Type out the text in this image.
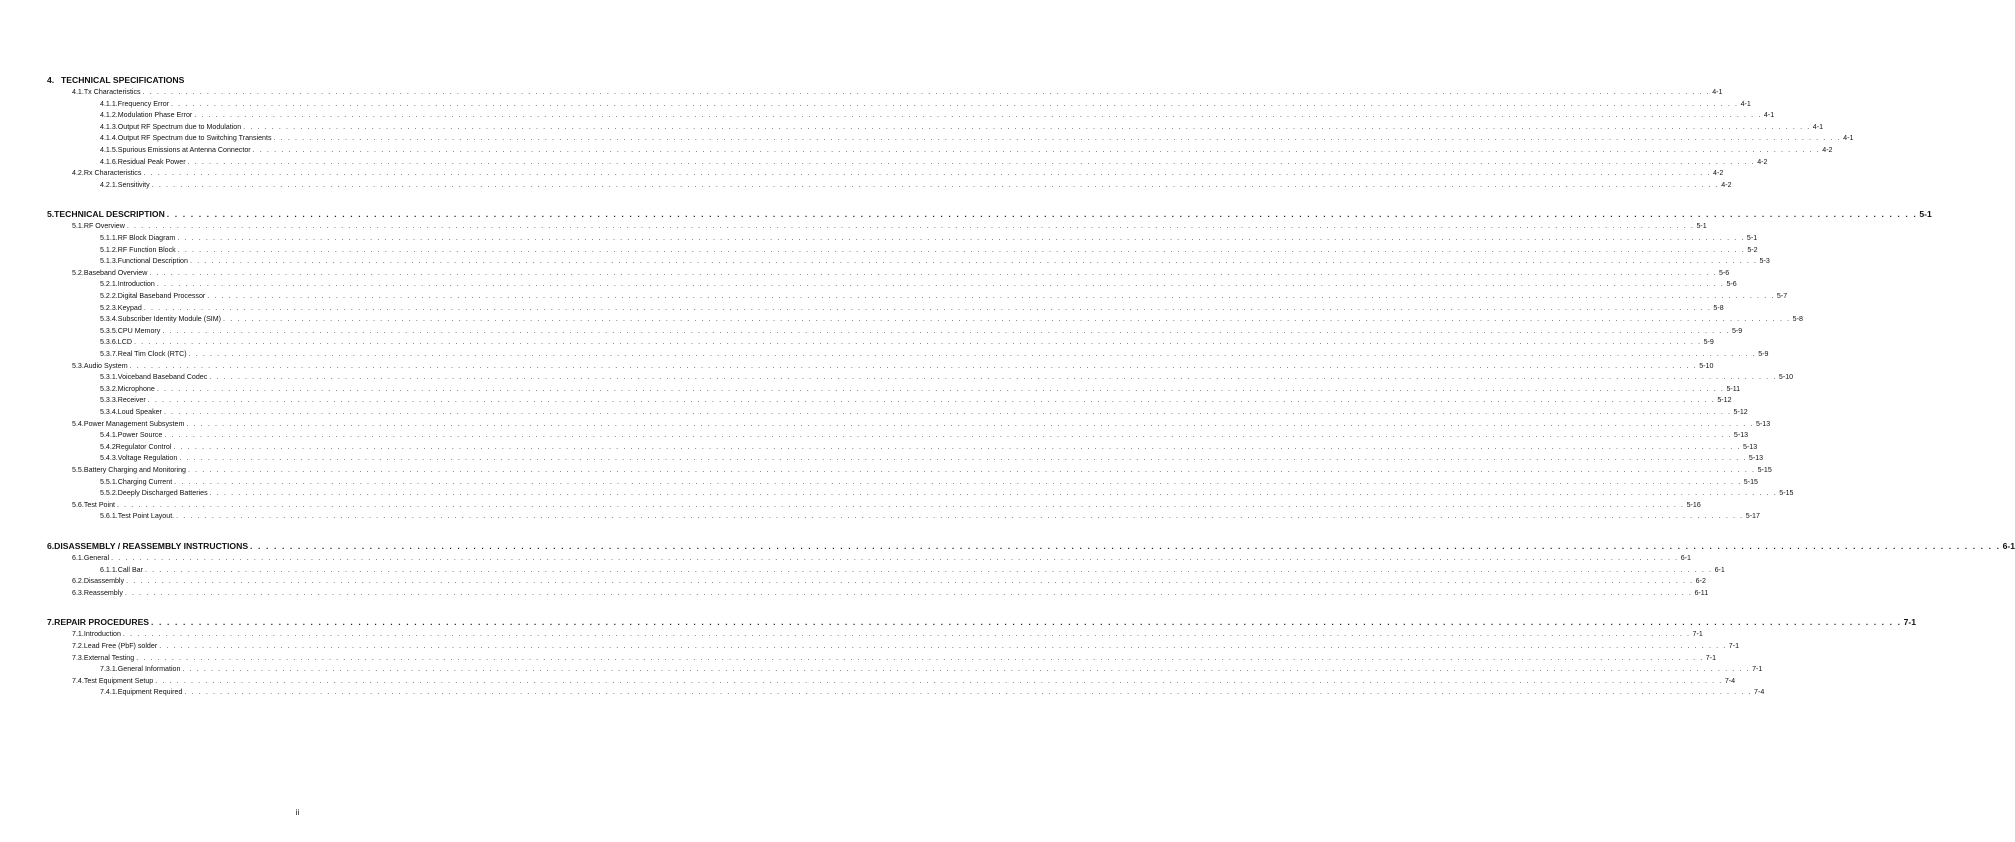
4. TECHNICAL SPECIFICATIONS
4.1. Tx Characteristics . . . . . . . . . . . . . . . . . . . . . . . . . . . . . . . . . . . . . . . . . . . . . . . . . . . . . . . . . . . . . . . . . . . . . . . . . . . . . . . . . . . . . . . . . . . . . . . . . . . . . . . . . . . . . . . . . . . . . . . . . . . . . . . . . . . . . . . . . . . . . . . . . . . . . . . . . . . . . . . . . . . . . . . . . . . . . . . . . . . . . . . . . . . . . . . . . . . . . . . . . . . . . . . . . . . . . . . . . . . . 4-1
4.1.1. Frequency Error . . . . . . . . . . . . . . . . . . . . . . . . . . . . . . . . . . . . . . . . . . . . . . . . . . . . . . . . . . . . . . . . . . . . . . . . . . . . . . . . . . . . . . . . . . . . . . . . . . . . . . . . . . . . . . . . . . . . . . . . . . . . . . . . . . . . . . . . . . . . . . . . . . . . . . . . . . . . . . . . . . . . . . . . . . . . . . . . . . . . . . . . . . . . . . . . . . . . . . . . . . . . . . . . . . . . . . . . . . . . 4-1
4.1.2. Modulation Phase Error . . . . . . . . . . . . . . . . . . . . . . . . . . . . . . . . . . . . . . . . . . . . . . . . . . . . . . . . . . . . . . . . . . . . . . . . . . . . . . . . . . . . . . . . . . . . . . . . . . . . . . . . . . . . . . . . . . . . . . . . . . . . . . . . . . . . . . . . . . . . . . . . . . . . . . . . . . . . . . . . . . . . . . . . . . . . . . . . . . . . . . . . . . . . . . . . . . . . . . . . . . . . . . . . . . . . . . . . . . . . 4-1
4.1.3. Output RF Spectrum due to Modulation . . . . . . . . . . . . . . . . . . . . . . . . . . . . . . . . . . . . . . . . . . . . . . . . . . . . . . . . . . . . . . . . . . . . . . . . . . . . . . . . . . . . . . . . . . . . . . . . . . . . . . . . . . . . . . . . . . . . . . . . . . . . . . . . . . . . . . . . . . . . . . . . . . . . . . . . . . . . . . . . . . . . . . . . . . . . . . . . . . . . . . . . . . . . . . . . . . . . . . . . . . . . . . . . . . . . . . . . . . . . 4-1
4.1.4. Output RF Spectrum due to Switching Transients . . . . . . . . . . . . . . . . . . . . . . . . . . . . . . . . . . . . . . . . . . . . . . . . . . . . . . . . . . . . . . . . . . . . . . . . . . . . . . . . . . . . . . . . . . . . . . . . . . . . . . . . . . . . . . . . . . . . . . . . . . . . . . . . . . . . . . . . . . . . . . . . . . . . . . . . . . . . . . . . . . . . . . . . . . . . . . . . . . . . . . . . . . . . . . . . . . . . . . . . . . . . . . . . . . . . . . . . . . . . 4-1
4.1.5. Spurious Emissions at Antenna Connector . . . . . . . . . . . . . . . . . . . . . . . . . . . . . . . . . . . . . . . . . . . . . . . . . . . . . . . . . . . . . . . . . . . . . . . . . . . . . . . . . . . . . . . . . . . . . . . . . . . . . . . . . . . . . . . . . . . . . . . . . . . . . . . . . . . . . . . . . . . . . . . . . . . . . . . . . . . . . . . . . . . . . . . . . . . . . . . . . . . . . . . . . . . . . . . . . . . . . . . . . . . . . . . . . . . . . . . . . . . . 4-2
4.1.6. Residual Peak Power . . . . . . . . . . . . . . . . . . . . . . . . . . . . . . . . . . . . . . . . . . . . . . . . . . . . . . . . . . . . . . . . . . . . . . . . . . . . . . . . . . . . . . . . . . . . . . . . . . . . . . . . . . . . . . . . . . . . . . . . . . . . . . . . . . . . . . . . . . . . . . . . . . . . . . . . . . . . . . . . . . . . . . . . . . . . . . . . . . . . . . . . . . . . . . . . . . . . . . . . . . . . . . . . . . . . . . . . . . . . 4-2
4.2. Rx Characteristics . . . . . . . . . . . . . . . . . . . . . . . . . . . . . . . . . . . . . . . . . . . . . . . . . . . . . . . . . . . . . . . . . . . . . . . . . . . . . . . . . . . . . . . . . . . . . . . . . . . . . . . . . . . . . . . . . . . . . . . . . . . . . . . . . . . . . . . . . . . . . . . . . . . . . . . . . . . . . . . . . . . . . . . . . . . . . . . . . . . . . . . . . . . . . . . . . . . . . . . . . . . . . . . . . . . . . . . . . . . . 4-2
4.2.1. Sensitivity . . . . . . . . . . . . . . . . . . . . . . . . . . . . . . . . . . . . . . . . . . . . . . . . . . . . . . . . . . . . . . . . . . . . . . . . . . . . . . . . . . . . . . . . . . . . . . . . . . . . . . . . . . . . . . . . . . . . . . . . . . . . . . . . . . . . . . . . . . . . . . . . . . . . . . . . . . . . . . . . . . . . . . . . . . . . . . . . . . . . . . . . . . . . . . . . . . . . . . . . . . . . . . . . . . . . . . . . . . . . 4-2
5. TECHNICAL DESCRIPTION . . . . . . . . . . . . . . . . . . . . . . . . . . . . . . . . . . . . . . . . . . . . . . . . . . . . . . . . . . . . . . . . . . . . . . . . . . . . . . . . . . . . . . . . . . . . . . . . . . . . . . . . . . . . . . . . . . . . . . . . . . . . . . . . . . . . . . . . . . . . . . . . . . . . . . . . . . . . . . . . . . . . . . . . . . . . . . . . . . . . . . . . . . . . . . . . . . . . . . . . . . . . . . . . . . . . . . . . . . . . 5-1
5.1. RF Overview . . . . . . . . . . . . . . . . . . . . . . . . . . . . . . . . . . . . . . . . . . . . . . . . . . . . . . . . . . . . . . . . . . . . . . . . . . . . . . . . . . . . . . . . . . . . . . . . . . . . . . . . . . . . . . . . . . . . . . . . . . . . . . . . . . . . . . . . . . . . . . . . . . . . . . . . . . . . . . . . . . . . . . . . . . . . . . . . . . . . . . . . . . . . . . . . . . . . . . . . . . . . . . . . . . . . . . . . . . . . 5-1
5.1.1. RF Block Diagram . . . . . . . . . . . . . . . . . . . . . . . . . . . . . . . . . . . . . . . . . . . . . . . . . . . . . . . . . . . . . . . . . . . . . . . . . . . . . . . . . . . . . . . . . . . . . . . . . . . . . . . . . . . . . . . . . . . . . . . . . . . . . . . . . . . . . . . . . . . . . . . . . . . . . . . . . . . . . . . . . . . . . . . . . . . . . . . . . . . . . . . . . . . . . . . . . . . . . . . . . . . . . . . . . . . . . . . . . . . . 5-1
5.1.2. RF Function Block . . . . . . . . . . . . . . . . . . . . . . . . . . . . . . . . . . . . . . . . . . . . . . . . . . . . . . . . . . . . . . . . . . . . . . . . . . . . . . . . . . . . . . . . . . . . . . . . . . . . . . . . . . . . . . . . . . . . . . . . . . . . . . . . . . . . . . . . . . . . . . . . . . . . . . . . . . . . . . . . . . . . . . . . . . . . . . . . . . . . . . . . . . . . . . . . . . . . . . . . . . . . . . . . . . . . . . . . . . . . 5-2
5.1.3. Functional Description . . . . . . . . . . . . . . . . . . . . . . . . . . . . . . . . . . . . . . . . . . . . . . . . . . . . . . . . . . . . . . . . . . . . . . . . . . . . . . . . . . . . . . . . . . . . . . . . . . . . . . . . . . . . . . . . . . . . . . . . . . . . . . . . . . . . . . . . . . . . . . . . . . . . . . . . . . . . . . . . . . . . . . . . . . . . . . . . . . . . . . . . . . . . . . . . . . . . . . . . . . . . . . . . . . . . . . . . . . . . 5-3
5.2. Baseband Overview . . . . . . . . . . . . . . . . . . . . . . . . . . . . . . . . . . . . . . . . . . . . . . . . . . . . . . . . . . . . . . . . . . . . . . . . . . . . . . . . . . . . . . . . . . . . . . . . . . . . . . . . . . . . . . . . . . . . . . . . . . . . . . . . . . . . . . . . . . . . . . . . . . . . . . . . . . . . . . . . . . . . . . . . . . . . . . . . . . . . . . . . . . . . . . . . . . . . . . . . . . . . . . . . . . . . . . . . . . . . 5-6
5.2.1. Introduction . . . . . . . . . . . . . . . . . . . . . . . . . . . . . . . . . . . . . . . . . . . . . . . . . . . . . . . . . . . . . . . . . . . . . . . . . . . . . . . . . . . . . . . . . . . . . . . . . . . . . . . . . . . . . . . . . . . . . . . . . . . . . . . . . . . . . . . . . . . . . . . . . . . . . . . . . . . . . . . . . . . . . . . . . . . . . . . . . . . . . . . . . . . . . . . . . . . . . . . . . . . . . . . . . . . . . . . . . . . . 5-6
5.2.2. Digital Baseband Processor . . . . . . . . . . . . . . . . . . . . . . . . . . . . . . . . . . . . . . . . . . . . . . . . . . . . . . . . . . . . . . . . . . . . . . . . . . . . . . . . . . . . . . . . . . . . . . . . . . . . . . . . . . . . . . . . . . . . . . . . . . . . . . . . . . . . . . . . . . . . . . . . . . . . . . . . . . . . . . . . . . . . . . . . . . . . . . . . . . . . . . . . . . . . . . . . . . . . . . . . . . . . . . . . . . . . . . . . . . . . 5-7
5.2.3. Keypad . . . . . . . . . . . . . . . . . . . . . . . . . . . . . . . . . . . . . . . . . . . . . . . . . . . . . . . . . . . . . . . . . . . . . . . . . . . . . . . . . . . . . . . . . . . . . . . . . . . . . . . . . . . . . . . . . . . . . . . . . . . . . . . . . . . . . . . . . . . . . . . . . . . . . . . . . . . . . . . . . . . . . . . . . . . . . . . . . . . . . . . . . . . . . . . . . . . . . . . . . . . . . . . . . . . . . . . . . . . . 5-8
5.3.4. Subscriber Identity Module (SIM) . . . . . . . . . . . . . . . . . . . . . . . . . . . . . . . . . . . . . . . . . . . . . . . . . . . . . . . . . . . . . . . . . . . . . . . . . . . . . . . . . . . . . . . . . . . . . . . . . . . . . . . . . . . . . . . . . . . . . . . . . . . . . . . . . . . . . . . . . . . . . . . . . . . . . . . . . . . . . . . . . . . . . . . . . . . . . . . . . . . . . . . . . . . . . . . . . . . . . . . . . . . . . . . . . . . . . . . . . . . . 5-8
5.3.5. CPU Memory . . . . . . . . . . . . . . . . . . . . . . . . . . . . . . . . . . . . . . . . . . . . . . . . . . . . . . . . . . . . . . . . . . . . . . . . . . . . . . . . . . . . . . . . . . . . . . . . . . . . . . . . . . . . . . . . . . . . . . . . . . . . . . . . . . . . . . . . . . . . . . . . . . . . . . . . . . . . . . . . . . . . . . . . . . . . . . . . . . . . . . . . . . . . . . . . . . . . . . . . . . . . . . . . . . . . . . . . . . . . 5-9
5.3.6. LCD . . . . . . . . . . . . . . . . . . . . . . . . . . . . . . . . . . . . . . . . . . . . . . . . . . . . . . . . . . . . . . . . . . . . . . . . . . . . . . . . . . . . . . . . . . . . . . . . . . . . . . . . . . . . . . . . . . . . . . . . . . . . . . . . . . . . . . . . . . . . . . . . . . . . . . . . . . . . . . . . . . . . . . . . . . . . . . . . . . . . . . . . . . . . . . . . . . . . . . . . . . . . . . . . . . . . . . . . . . . . 5-9
5.3.7. Real Tim Clock (RTC) . . . . . . . . . . . . . . . . . . . . . . . . . . . . . . . . . . . . . . . . . . . . . . . . . . . . . . . . . . . . . . . . . . . . . . . . . . . . . . . . . . . . . . . . . . . . . . . . . . . . . . . . . . . . . . . . . . . . . . . . . . . . . . . . . . . . . . . . . . . . . . . . . . . . . . . . . . . . . . . . . . . . . . . . . . . . . . . . . . . . . . . . . . . . . . . . . . . . . . . . . . . . . . . . . . . . . . . . . . . . 5-9
5.3. Audio System . . . . . . . . . . . . . . . . . . . . . . . . . . . . . . . . . . . . . . . . . . . . . . . . . . . . . . . . . . . . . . . . . . . . . . . . . . . . . . . . . . . . . . . . . . . . . . . . . . . . . . . . . . . . . . . . . . . . . . . . . . . . . . . . . . . . . . . . . . . . . . . . . . . . . . . . . . . . . . . . . . . . . . . . . . . . . . . . . . . . . . . . . . . . . . . . . . . . . . . . . . . . . . . . . . . . . . . . . . . . 5-10
5.3.1. Voiceband Baseband Codec . . . . . . . . . . . . . . . . . . . . . . . . . . . . . . . . . . . . . . . . . . . . . . . . . . . . . . . . . . . . . . . . . . . . . . . . . . . . . . . . . . . . . . . . . . . . . . . . . . . . . . . . . . . . . . . . . . . . . . . . . . . . . . . . . . . . . . . . . . . . . . . . . . . . . . . . . . . . . . . . . . . . . . . . . . . . . . . . . . . . . . . . . . . . . . . . . . . . . . . . . . . . . . . . . . . . . . . . . . . . 5-10
5.3.2. Microphone . . . . . . . . . . . . . . . . . . . . . . . . . . . . . . . . . . . . . . . . . . . . . . . . . . . . . . . . . . . . . . . . . . . . . . . . . . . . . . . . . . . . . . . . . . . . . . . . . . . . . . . . . . . . . . . . . . . . . . . . . . . . . . . . . . . . . . . . . . . . . . . . . . . . . . . . . . . . . . . . . . . . . . . . . . . . . . . . . . . . . . . . . . . . . . . . . . . . . . . . . . . . . . . . . . . . . . . . . . . . 5-11
5.3.3. Receiver . . . . . . . . . . . . . . . . . . . . . . . . . . . . . . . . . . . . . . . . . . . . . . . . . . . . . . . . . . . . . . . . . . . . . . . . . . . . . . . . . . . . . . . . . . . . . . . . . . . . . . . . . . . . . . . . . . . . . . . . . . . . . . . . . . . . . . . . . . . . . . . . . . . . . . . . . . . . . . . . . . . . . . . . . . . . . . . . . . . . . . . . . . . . . . . . . . . . . . . . . . . . . . . . . . . . . . . . . . . . 5-12
5.3.4. Loud Speaker . . . . . . . . . . . . . . . . . . . . . . . . . . . . . . . . . . . . . . . . . . . . . . . . . . . . . . . . . . . . . . . . . . . . . . . . . . . . . . . . . . . . . . . . . . . . . . . . . . . . . . . . . . . . . . . . . . . . . . . . . . . . . . . . . . . . . . . . . . . . . . . . . . . . . . . . . . . . . . . . . . . . . . . . . . . . . . . . . . . . . . . . . . . . . . . . . . . . . . . . . . . . . . . . . . . . . . . . . . . . 5-12
5.4. Power Management Subsystem . . . . . . . . . . . . . . . . . . . . . . . . . . . . . . . . . . . . . . . . . . . . . . . . . . . . . . . . . . . . . . . . . . . . . . . . . . . . . . . . . . . . . . . . . . . . . . . . . . . . . . . . . . . . . . . . . . . . . . . . . . . . . . . . . . . . . . . . . . . . . . . . . . . . . . . . . . . . . . . . . . . . . . . . . . . . . . . . . . . . . . . . . . . . . . . . . . . . . . . . . . . . . . . . . . . . . . . . . . . . 5-13
5.4.1. Power Source . . . . . . . . . . . . . . . . . . . . . . . . . . . . . . . . . . . . . . . . . . . . . . . . . . . . . . . . . . . . . . . . . . . . . . . . . . . . . . . . . . . . . . . . . . . . . . . . . . . . . . . . . . . . . . . . . . . . . . . . . . . . . . . . . . . . . . . . . . . . . . . . . . . . . . . . . . . . . . . . . . . . . . . . . . . . . . . . . . . . . . . . . . . . . . . . . . . . . . . . . . . . . . . . . . . . . . . . . . . . 5-13
5.4.2 Regulator Control . . . . . . . . . . . . . . . . . . . . . . . . . . . . . . . . . . . . . . . . . . . . . . . . . . . . . . . . . . . . . . . . . . . . . . . . . . . . . . . . . . . . . . . . . . . . . . . . . . . . . . . . . . . . . . . . . . . . . . . . . . . . . . . . . . . . . . . . . . . . . . . . . . . . . . . . . . . . . . . . . . . . . . . . . . . . . . . . . . . . . . . . . . . . . . . . . . . . . . . . . . . . . . . . . . . . . . . . . . . . 5-13
5.4.3. Voltage Regulation . . . . . . . . . . . . . . . . . . . . . . . . . . . . . . . . . . . . . . . . . . . . . . . . . . . . . . . . . . . . . . . . . . . . . . . . . . . . . . . . . . . . . . . . . . . . . . . . . . . . . . . . . . . . . . . . . . . . . . . . . . . . . . . . . . . . . . . . . . . . . . . . . . . . . . . . . . . . . . . . . . . . . . . . . . . . . . . . . . . . . . . . . . . . . . . . . . . . . . . . . . . . . . . . . . . . . . . . . . . . 5-13
5.5. Battery Charging and Monitoring . . . . . . . . . . . . . . . . . . . . . . . . . . . . . . . . . . . . . . . . . . . . . . . . . . . . . . . . . . . . . . . . . . . . . . . . . . . . . . . . . . . . . . . . . . . . . . . . . . . . . . . . . . . . . . . . . . . . . . . . . . . . . . . . . . . . . . . . . . . . . . . . . . . . . . . . . . . . . . . . . . . . . . . . . . . . . . . . . . . . . . . . . . . . . . . . . . . . . . . . . . . . . . . . . . . . . . . . . . . . 5-15
5.5.1. Charging Current . . . . . . . . . . . . . . . . . . . . . . . . . . . . . . . . . . . . . . . . . . . . . . . . . . . . . . . . . . . . . . . . . . . . . . . . . . . . . . . . . . . . . . . . . . . . . . . . . . . . . . . . . . . . . . . . . . . . . . . . . . . . . . . . . . . . . . . . . . . . . . . . . . . . . . . . . . . . . . . . . . . . . . . . . . . . . . . . . . . . . . . . . . . . . . . . . . . . . . . . . . . . . . . . . . . . . . . . . . . . 5-15
5.5.2. Deeply Discharged Batteries . . . . . . . . . . . . . . . . . . . . . . . . . . . . . . . . . . . . . . . . . . . . . . . . . . . . . . . . . . . . . . . . . . . . . . . . . . . . . . . . . . . . . . . . . . . . . . . . . . . . . . . . . . . . . . . . . . . . . . . . . . . . . . . . . . . . . . . . . . . . . . . . . . . . . . . . . . . . . . . . . . . . . . . . . . . . . . . . . . . . . . . . . . . . . . . . . . . . . . . . . . . . . . . . . . . . . . . . . . . . 5-15
5.6. Test Point . . . . . . . . . . . . . . . . . . . . . . . . . . . . . . . . . . . . . . . . . . . . . . . . . . . . . . . . . . . . . . . . . . . . . . . . . . . . . . . . . . . . . . . . . . . . . . . . . . . . . . . . . . . . . . . . . . . . . . . . . . . . . . . . . . . . . . . . . . . . . . . . . . . . . . . . . . . . . . . . . . . . . . . . . . . . . . . . . . . . . . . . . . . . . . . . . . . . . . . . . . . . . . . . . . . . . . . . . . . . 5-16
5.6.1. Test Point Layout. . . . . . . . . . . . . . . . . . . . . . . . . . . . . . . . . . . . . . . . . . . . . . . . . . . . . . . . . . . . . . . . . . . . . . . . . . . . . . . . . . . . . . . . . . . . . . . . . . . . . . . . . . . . . . . . . . . . . . . . . . . . . . . . . . . . . . . . . . . . . . . . . . . . . . . . . . . . . . . . . . . . . . . . . . . . . . . . . . . . . . . . . . . . . . . . . . . . . . . . . . . . . . . . . . . . . . . . . . . . . 5-17
6. DISASSEMBLY / REASSEMBLY INSTRUCTIONS . . . . . . . . . . . . . . . . . . . . . . . . . . . . . . . . . . . . . . . . . . . . . . . . . . . . . . . . . . . . . . . . . . . . . . . . . . . . . . . . . . . . . . . . . . . . . . . . . . . . . . . . . . . . . . . . . . . . . . . . . . . . . . . . . . . . . . . . . . . . . . . . . . . . . . . . . . . . . . . . . . . . . . . . . . . . . . . . . . . . . . . . . . . . . . . . . . . . . . . . . . . . . . . . . . . . . . . . . . . . 6-1
6.1. General . . . . . . . . . . . . . . . . . . . . . . . . . . . . . . . . . . . . . . . . . . . . . . . . . . . . . . . . . . . . . . . . . . . . . . . . . . . . . . . . . . . . . . . . . . . . . . . . . . . . . . . . . . . . . . . . . . . . . . . . . . . . . . . . . . . . . . . . . . . . . . . . . . . . . . . . . . . . . . . . . . . . . . . . . . . . . . . . . . . . . . . . . . . . . . . . . . . . . . . . . . . . . . . . . . . . . . . . . . . . 6-1
6.1.1. Call Bar . . . . . . . . . . . . . . . . . . . . . . . . . . . . . . . . . . . . . . . . . . . . . . . . . . . . . . . . . . . . . . . . . . . . . . . . . . . . . . . . . . . . . . . . . . . . . . . . . . . . . . . . . . . . . . . . . . . . . . . . . . . . . . . . . . . . . . . . . . . . . . . . . . . . . . . . . . . . . . . . . . . . . . . . . . . . . . . . . . . . . . . . . . . . . . . . . . . . . . . . . . . . . . . . . . . . . . . . . . . . 6-1
6.2. Disassembly . . . . . . . . . . . . . . . . . . . . . . . . . . . . . . . . . . . . . . . . . . . . . . . . . . . . . . . . . . . . . . . . . . . . . . . . . . . . . . . . . . . . . . . . . . . . . . . . . . . . . . . . . . . . . . . . . . . . . . . . . . . . . . . . . . . . . . . . . . . . . . . . . . . . . . . . . . . . . . . . . . . . . . . . . . . . . . . . . . . . . . . . . . . . . . . . . . . . . . . . . . . . . . . . . . . . . . . . . . . . 6-2
6.3. Reassembly . . . . . . . . . . . . . . . . . . . . . . . . . . . . . . . . . . . . . . . . . . . . . . . . . . . . . . . . . . . . . . . . . . . . . . . . . . . . . . . . . . . . . . . . . . . . . . . . . . . . . . . . . . . . . . . . . . . . . . . . . . . . . . . . . . . . . . . . . . . . . . . . . . . . . . . . . . . . . . . . . . . . . . . . . . . . . . . . . . . . . . . . . . . . . . . . . . . . . . . . . . . . . . . . . . . . . . . . . . . . 6-11
7. REPAIR PROCEDURES . . . . . . . . . . . . . . . . . . . . . . . . . . . . . . . . . . . . . . . . . . . . . . . . . . . . . . . . . . . . . . . . . . . . . . . . . . . . . . . . . . . . . . . . . . . . . . . . . . . . . . . . . . . . . . . . . . . . . . . . . . . . . . . . . . . . . . . . . . . . . . . . . . . . . . . . . . . . . . . . . . . . . . . . . . . . . . . . . . . . . . . . . . . . . . . . . . . . . . . . . . . . . . . . . . . . . . . . . . . . 7-1
7.1. Introduction . . . . . . . . . . . . . . . . . . . . . . . . . . . . . . . . . . . . . . . . . . . . . . . . . . . . . . . . . . . . . . . . . . . . . . . . . . . . . . . . . . . . . . . . . . . . . . . . . . . . . . . . . . . . . . . . . . . . . . . . . . . . . . . . . . . . . . . . . . . . . . . . . . . . . . . . . . . . . . . . . . . . . . . . . . . . . . . . . . . . . . . . . . . . . . . . . . . . . . . . . . . . . . . . . . . . . . . . . . . . 7-1
7.2. Lead Free (PbF) solder . . . . . . . . . . . . . . . . . . . . . . . . . . . . . . . . . . . . . . . . . . . . . . . . . . . . . . . . . . . . . . . . . . . . . . . . . . . . . . . . . . . . . . . . . . . . . . . . . . . . . . . . . . . . . . . . . . . . . . . . . . . . . . . . . . . . . . . . . . . . . . . . . . . . . . . . . . . . . . . . . . . . . . . . . . . . . . . . . . . . . . . . . . . . . . . . . . . . . . . . . . . . . . . . . . . . . . . . . . . . 7-1
7.3. External Testing . . . . . . . . . . . . . . . . . . . . . . . . . . . . . . . . . . . . . . . . . . . . . . . . . . . . . . . . . . . . . . . . . . . . . . . . . . . . . . . . . . . . . . . . . . . . . . . . . . . . . . . . . . . . . . . . . . . . . . . . . . . . . . . . . . . . . . . . . . . . . . . . . . . . . . . . . . . . . . . . . . . . . . . . . . . . . . . . . . . . . . . . . . . . . . . . . . . . . . . . . . . . . . . . . . . . . . . . . . . . 7-1
7.3.1. General Information . . . . . . . . . . . . . . . . . . . . . . . . . . . . . . . . . . . . . . . . . . . . . . . . . . . . . . . . . . . . . . . . . . . . . . . . . . . . . . . . . . . . . . . . . . . . . . . . . . . . . . . . . . . . . . . . . . . . . . . . . . . . . . . . . . . . . . . . . . . . . . . . . . . . . . . . . . . . . . . . . . . . . . . . . . . . . . . . . . . . . . . . . . . . . . . . . . . . . . . . . . . . . . . . . . . . . . . . . . . . 7-1
7.4. Test Equipment Setup . . . . . . . . . . . . . . . . . . . . . . . . . . . . . . . . . . . . . . . . . . . . . . . . . . . . . . . . . . . . . . . . . . . . . . . . . . . . . . . . . . . . . . . . . . . . . . . . . . . . . . . . . . . . . . . . . . . . . . . . . . . . . . . . . . . . . . . . . . . . . . . . . . . . . . . . . . . . . . . . . . . . . . . . . . . . . . . . . . . . . . . . . . . . . . . . . . . . . . . . . . . . . . . . . . . . . . . . . . . . 7-4
7.4.1. Equipment Required . . . . . . . . . . . . . . . . . . . . . . . . . . . . . . . . . . . . . . . . . . . . . . . . . . . . . . . . . . . . . . . . . . . . . . . . . . . . . . . . . . . . . . . . . . . . . . . . . . . . . . . . . . . . . . . . . . . . . . . . . . . . . . . . . . . . . . . . . . . . . . . . . . . . . . . . . . . . . . . . . . . . . . . . . . . . . . . . . . . . . . . . . . . . . . . . . . . . . . . . . . . . . . . . . . . . . . . . . . . . 7-4
ii
